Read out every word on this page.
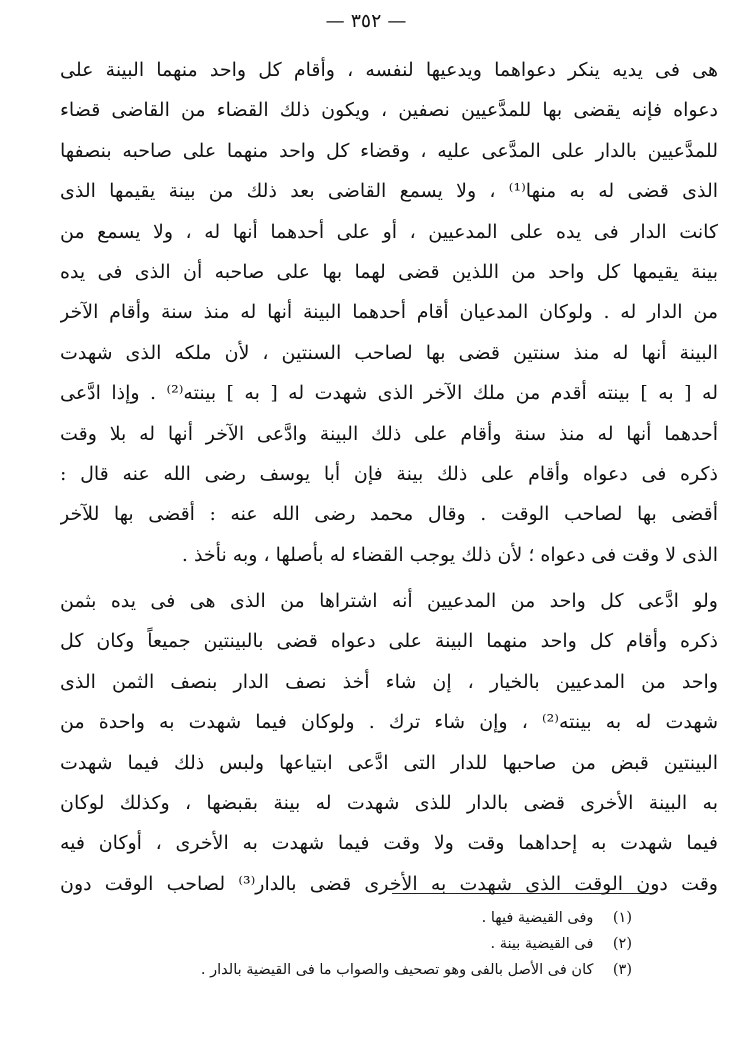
— ٣٥٢ —
هى فى يديه ينكر دعواهما ويدعيها لنفسه ، وأقام كل واحد منهما البينة على
دعواه فإنه يقضى بها للمدَّعيين نصفين ، ويكون ذلك القضاء من القاضى قضاء
للمدَّعيين بالدار على المدَّعى عليه ، وقضاء كل واحد منهما على صاحبه بنصفها
الذى قضى له به منها⁽¹⁾ ، ولا يسمع القاضى بعد ذلك من بينة يقيمها الذى
كانت الدار فى يده على المدعيين ، أو على أحدهما أنها له ، ولا يسمع من
بينة يقيمها كل واحد من اللذين قضى لهما بها على صاحبه أن الذى فى يده
من الدار له . ولوكان المدعيان أقام أحدهما البينة أنها له منذ سنة وأقام الآخر
البينة أنها له منذ سنتين قضى بها لصاحب السنتين ، لأن ملكه الذى شهدت
له [ به ] بينته أقدم من ملك الآخر الذى شهدت له [ به ] بينته⁽²⁾ . وإذا ادَّعى
أحدهما أنها له منذ سنة وأقام على ذلك البينة وادَّعى الآخر أنها له بلا وقت
ذكره فى دعواه وأقام على ذلك بينة فإن أبا يوسف رضى الله عنه قال :
أقضى بها لصاحب الوقت . وقال محمد رضى الله عنه : أقضى بها للآخر
الذى لا وقت فى دعواه ؛ لأن ذلك يوجب القضاء له بأصلها ، وبه نأخذ .
ولو ادَّعى كل واحد من المدعيين أنه اشتراها من الذى هى فى يده بثمن
ذكره وأقام كل واحد منهما البينة على دعواه قضى بالبينتين جميعاً وكان كل
واحد من المدعيين بالخيار ، إن شاء أخذ نصف الدار بنصف الثمن الذى
شهدت له به بينته⁽²⁾ ، وإن شاء ترك . ولوكان فيما شهدت به واحدة من
البينتين قبض من صاحبها للدار التى ادَّعى ابتياعها ولبس ذلك فيما شهدت
به البينة الأخرى قضى بالدار للذى شهدت له بينة بقبضها ، وكذلك لوكان
فيما شهدت به إحداهما وقت ولا وقت فيما شهدت به الأخرى ، أوكان فيه
وقت دون الوقت الذى شهدت به الأخرى قضى بالدار⁽³⁾ لصاحب الوقت دون
(١) وفى القيضية فيها .
(٢) فى القيضية بينة .
(٣) كان فى الأصل بالفى وهو تصحيف والصواب ما فى القيضية بالدار .
